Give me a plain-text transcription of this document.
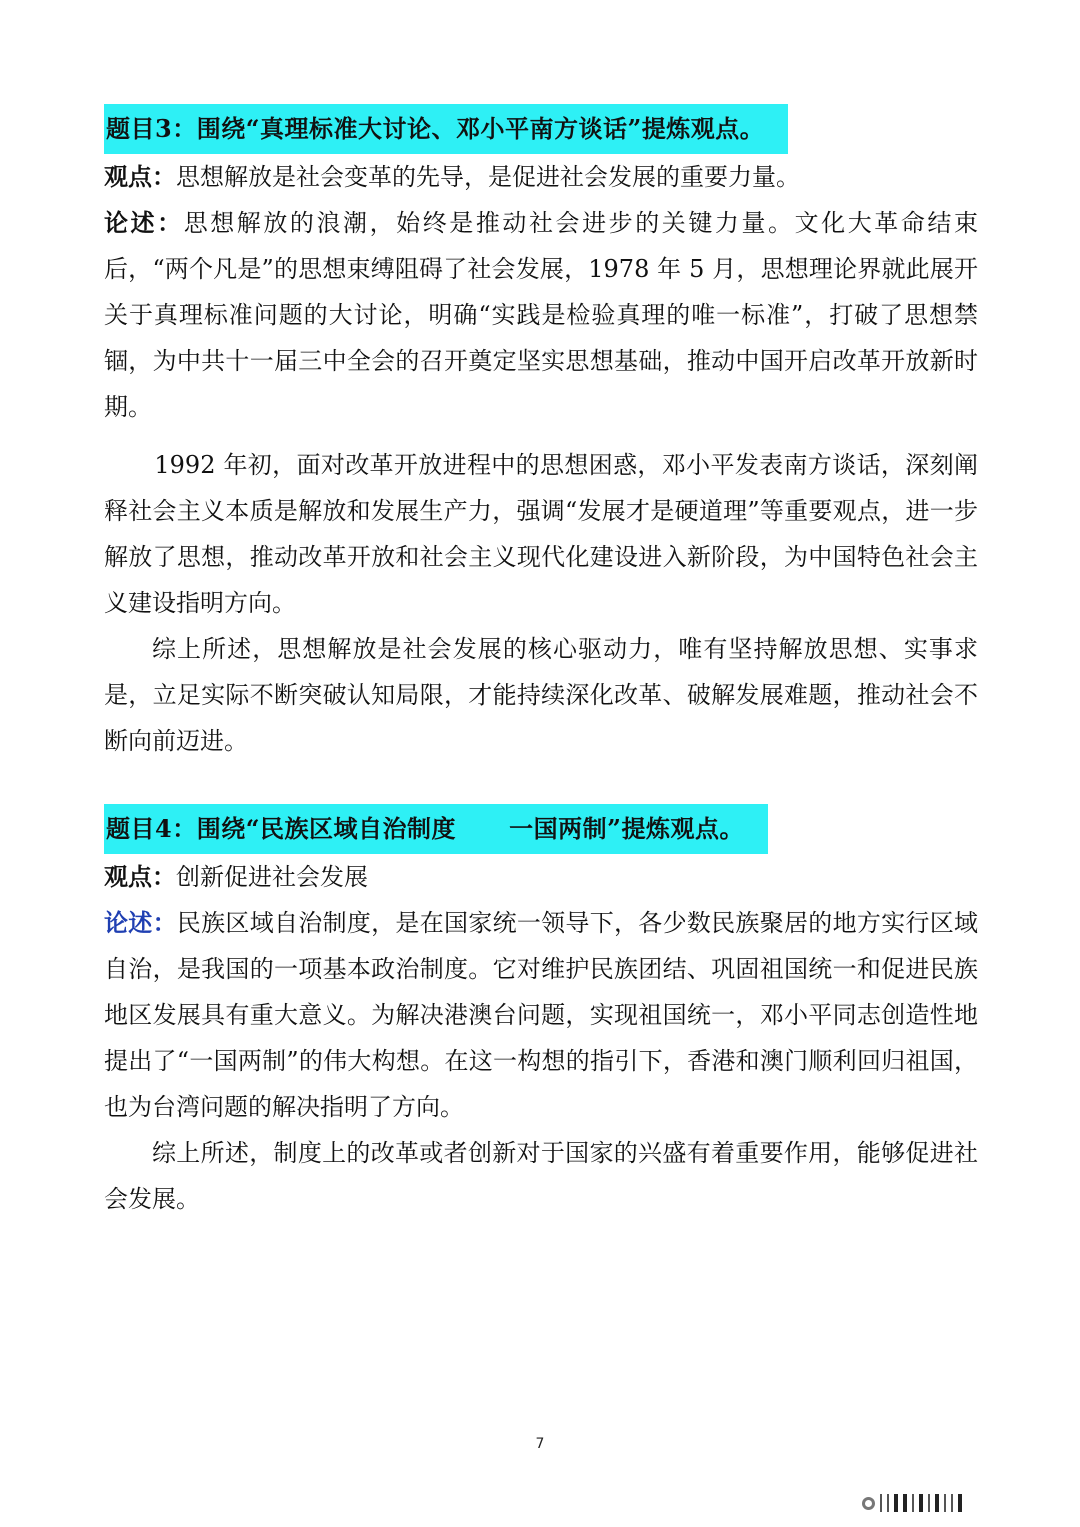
题目3：围绕“真理标准大讨论、邓小平南方谈话”提炼观点。

观点：思想解放是社会变革的先导，是促进社会发展的重要力量。

论述：思想解放的浪潮，始终是推动社会进步的关键力量。文化大革命结束后，“两个凡是”的思想束缚阻碍了社会发展，1978 年 5 月，思想理论界就此展开关于真理标准问题的大讨论，明确“实践是检验真理的唯一标准”，打破了思想禁锢，为中共十一届三中全会的召开奠定坚实思想基础，推动中国开启改革开放新时期。

1992 年初，面对改革开放进程中的思想困惑，邓小平发表南方谈话，深刻阐释社会主义本质是解放和发展生产力，强调“发展才是硬道理”等重要观点，进一步解放了思想，推动改革开放和社会主义现代化建设进入新阶段，为中国特色社会主义建设指明方向。

综上所述，思想解放是社会发展的核心驱动力，唯有坚持解放思想、实事求是，立足实际不断突破认知局限，才能持续深化改革、破解发展难题，推动社会不断向前迈进。

题目4：围绕“民族区域自治制度      一国两制”提炼观点。

观点：创新促进社会发展

论述：民族区域自治制度，是在国家统一领导下，各少数民族聚居的地方实行区域自治，是我国的一项基本政治制度。它对维护民族团结、巩固祖国统一和促进民族地区发展具有重大意义。为解决港澳台问题，实现祖国统一，邓小平同志创造性地提出了“一国两制”的伟大构想。在这一构想的指引下，香港和澳门顺利回归祖国，也为台湾问题的解决指明了方向。

综上所述，制度上的改革或者创新对于国家的兴盛有着重要作用，能够促进社会发展。

7
